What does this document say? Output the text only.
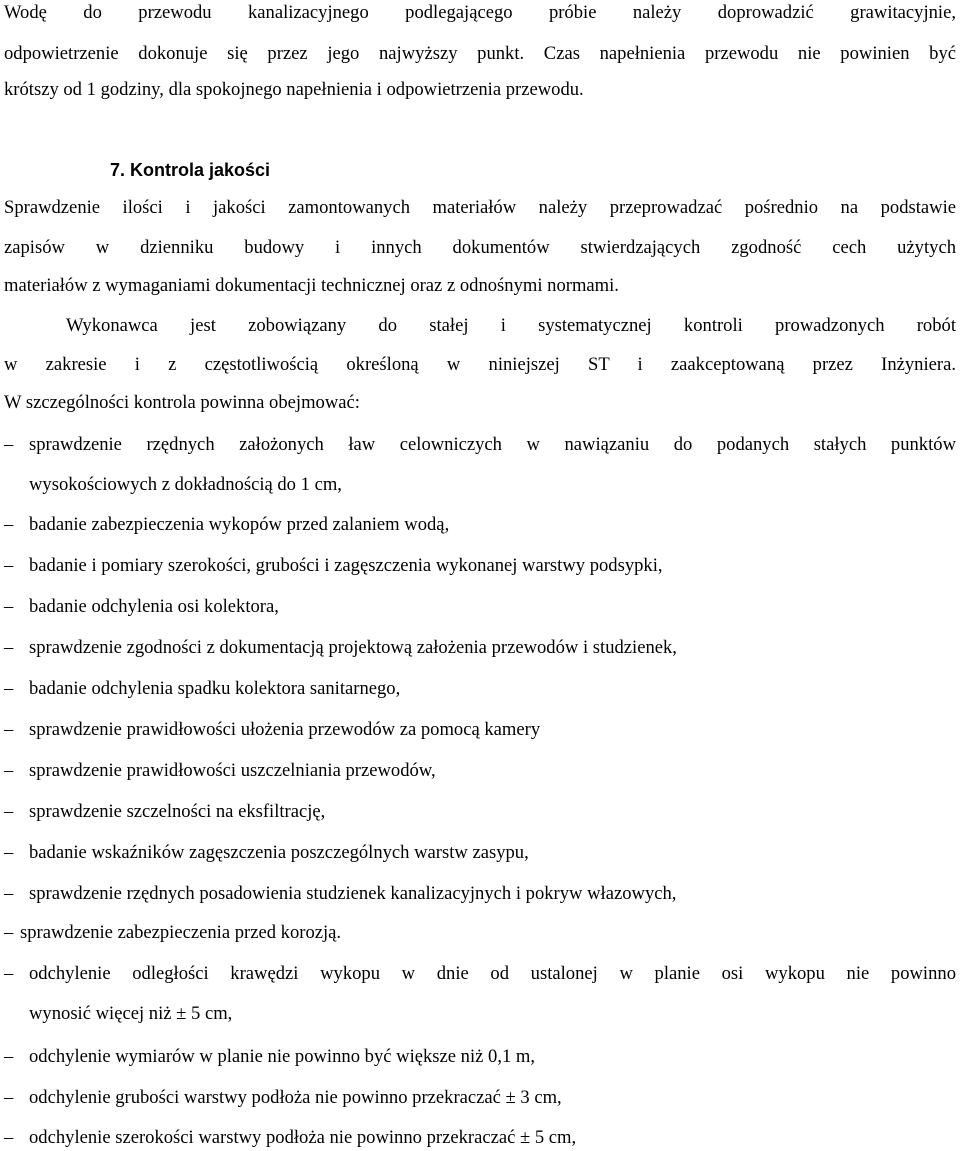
Wodę do przewodu kanalizacyjnego podlegającego próbie należy doprowadzić grawitacyjnie,
odpowietrzenie dokonuje się przez jego najwyższy punkt. Czas napełnienia przewodu nie powinien być
krótszy od 1 godziny, dla spokojnego napełnienia i odpowietrzenia przewodu.
7. Kontrola jakości
Sprawdzenie ilości i jakości zamontowanych materiałów należy przeprowadzać pośrednio na podstawie
zapisów w dzienniku budowy i innych dokumentów stwierdzających zgodność cech użytych
materiałów z wymaganiami dokumentacji technicznej oraz z odnośnymi normami.
Wykonawca jest zobowiązany do stałej i systematycznej kontroli prowadzonych robót
w zakresie i z częstotliwością określoną w niniejszej ST i zaakceptowaną przez Inżyniera.
W szczególności kontrola powinna obejmować:
– sprawdzenie rzędnych założonych ław celowniczych w nawiązaniu do podanych stałych punktów
wysokościowych z dokładnością do 1 cm,
– badanie zabezpieczenia wykopów przed zalaniem wodą,
– badanie i pomiary szerokości, grubości i zagęszczenia wykonanej warstwy podsypki,
– badanie odchylenia osi kolektora,
– sprawdzenie zgodności z dokumentacją projektową założenia przewodów i studzienek,
– badanie odchylenia spadku kolektora sanitarnego,
– sprawdzenie prawidłowości ułożenia przewodów za pomocą kamery
– sprawdzenie prawidłowości uszczelniania przewodów,
– sprawdzenie szczelności na eksfiltrację,
– badanie wskaźników zagęszczenia poszczególnych warstw zasypu,
– sprawdzenie rzędnych posadowienia studzienek kanalizacyjnych i pokryw włazowych,
– sprawdzenie zabezpieczenia przed korozją.
– odchylenie odległości krawędzi wykopu w dnie od ustalonej w planie osi wykopu nie powinno
wynosić więcej niż ± 5 cm,
– odchylenie wymiarów w planie nie powinno być większe niż 0,1 m,
– odchylenie grubości warstwy podłoża nie powinno przekraczać ± 3 cm,
– odchylenie szerokości warstwy podłoża nie powinno przekraczać ± 5 cm,
